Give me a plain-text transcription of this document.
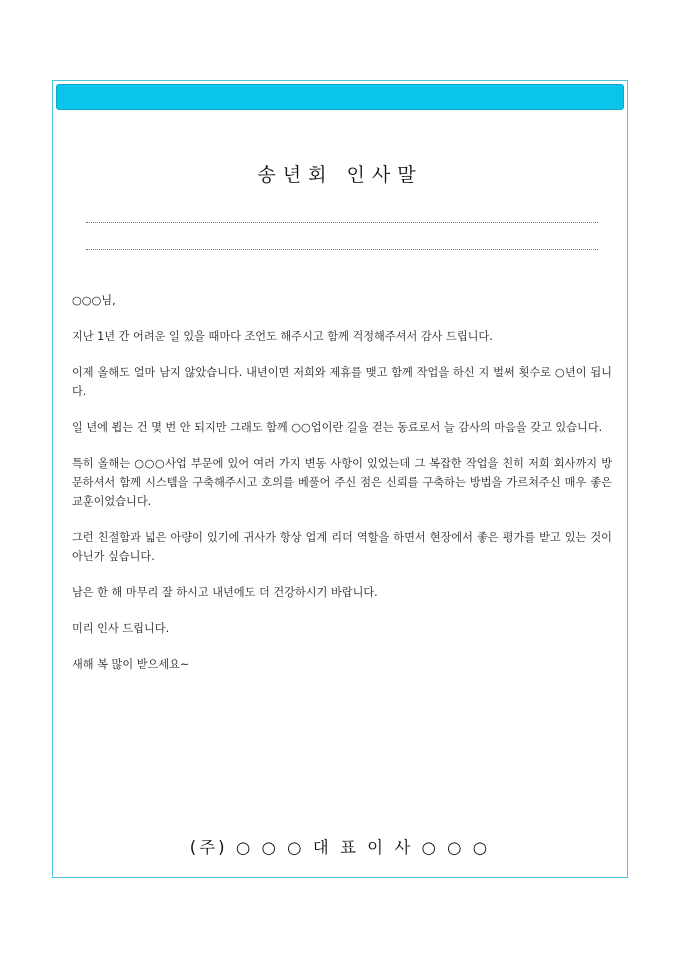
송년회 인사말

○○○님,

지난 1년 간 어려운 일 있을 때마다 조언도 해주시고 함께 걱정해주셔서 감사 드립니다.

이제 올해도 얼마 남지 않았습니다. 내년이면 저희와 제휴를 맺고 함께 작업을 하신 지 벌써 횟수로 ○년이 됩니다.

일 년에 뵙는 건 몇 번 안 되지만 그래도 함께 ○○업이란 길을 걷는 동료로서 늘 감사의 마음을 갖고 있습니다.

특히 올해는 ○○○사업 부문에 있어 여러 가지 변동 사항이 있었는데 그 복잡한 작업을 친히 저희 회사까지 방문하셔서 함께 시스템을 구축해주시고 호의를 베풀어 주신 점은 신뢰를 구축하는 방법을 가르쳐주신 매우 좋은 교훈이었습니다.

그런 친절함과 넓은 아량이 있기에 귀사가 항상 업계 리더 역할을 하면서 현장에서 좋은 평가를 받고 있는 것이 아닌가 싶습니다.

남은 한 해 마무리 잘 하시고 내년에도 더 건강하시기 바랍니다.

미리 인사 드립니다.

새해 복 많이 받으세요~

(주) ○ ○ ○ 대 표 이 사 ○ ○ ○
